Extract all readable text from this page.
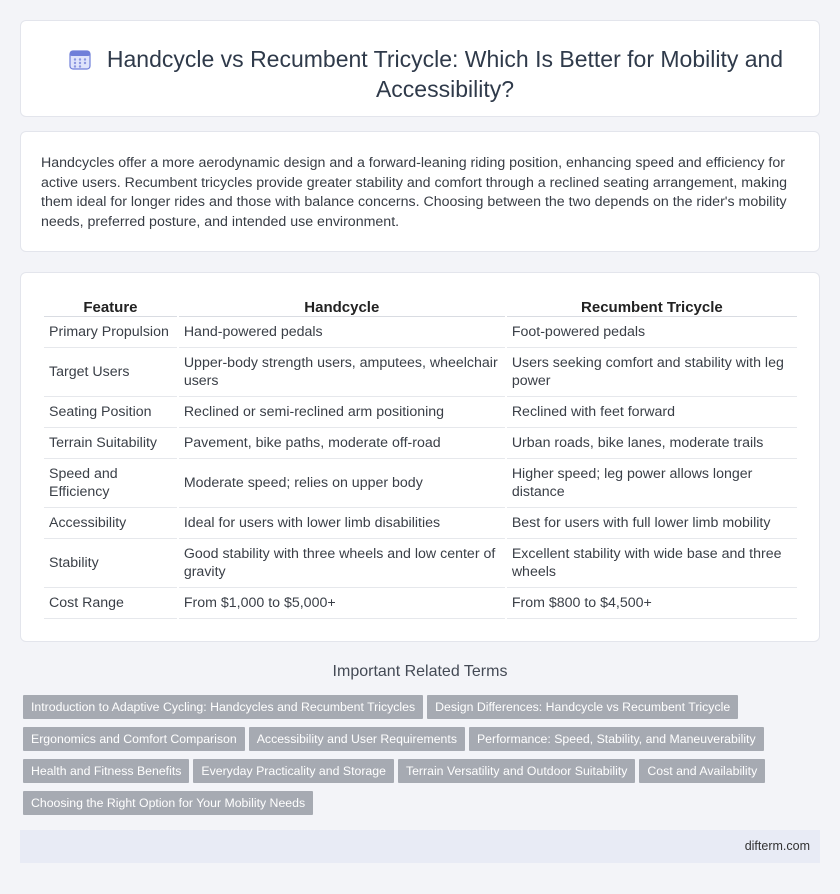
Handcycle vs Recumbent Tricycle: Which Is Better for Mobility and Accessibility?

Handcycles offer a more aerodynamic design and a forward-leaning riding position, enhancing speed and efficiency for active users. Recumbent tricycles provide greater stability and comfort through a reclined seating arrangement, making them ideal for longer rides and those with balance concerns. Choosing between the two depends on the rider's mobility needs, preferred posture, and intended use environment.

Feature	Handcycle	Recumbent Tricycle
Primary Propulsion	Hand-powered pedals	Foot-powered pedals
Target Users	Upper-body strength users, amputees, wheelchair users	Users seeking comfort and stability with leg power
Seating Position	Reclined or semi-reclined arm positioning	Reclined with feet forward
Terrain Suitability	Pavement, bike paths, moderate off-road	Urban roads, bike lanes, moderate trails
Speed and Efficiency	Moderate speed; relies on upper body	Higher speed; leg power allows longer distance
Accessibility	Ideal for users with lower limb disabilities	Best for users with full lower limb mobility
Stability	Good stability with three wheels and low center of gravity	Excellent stability with wide base and three wheels
Cost Range	From $1,000 to $5,000+	From $800 to $4,500+
Important Related Terms
Introduction to Adaptive Cycling: Handcycles and Recumbent Tricycles Design Differences: Handcycle vs Recumbent Tricycle
Ergonomics and Comfort Comparison Accessibility and User Requirements Performance: Speed, Stability, and Maneuverability
Health and Fitness Benefits Everyday Practicality and Storage Terrain Versatility and Outdoor Suitability Cost and Availability
Choosing the Right Option for Your Mobility Needs
difterm.com
